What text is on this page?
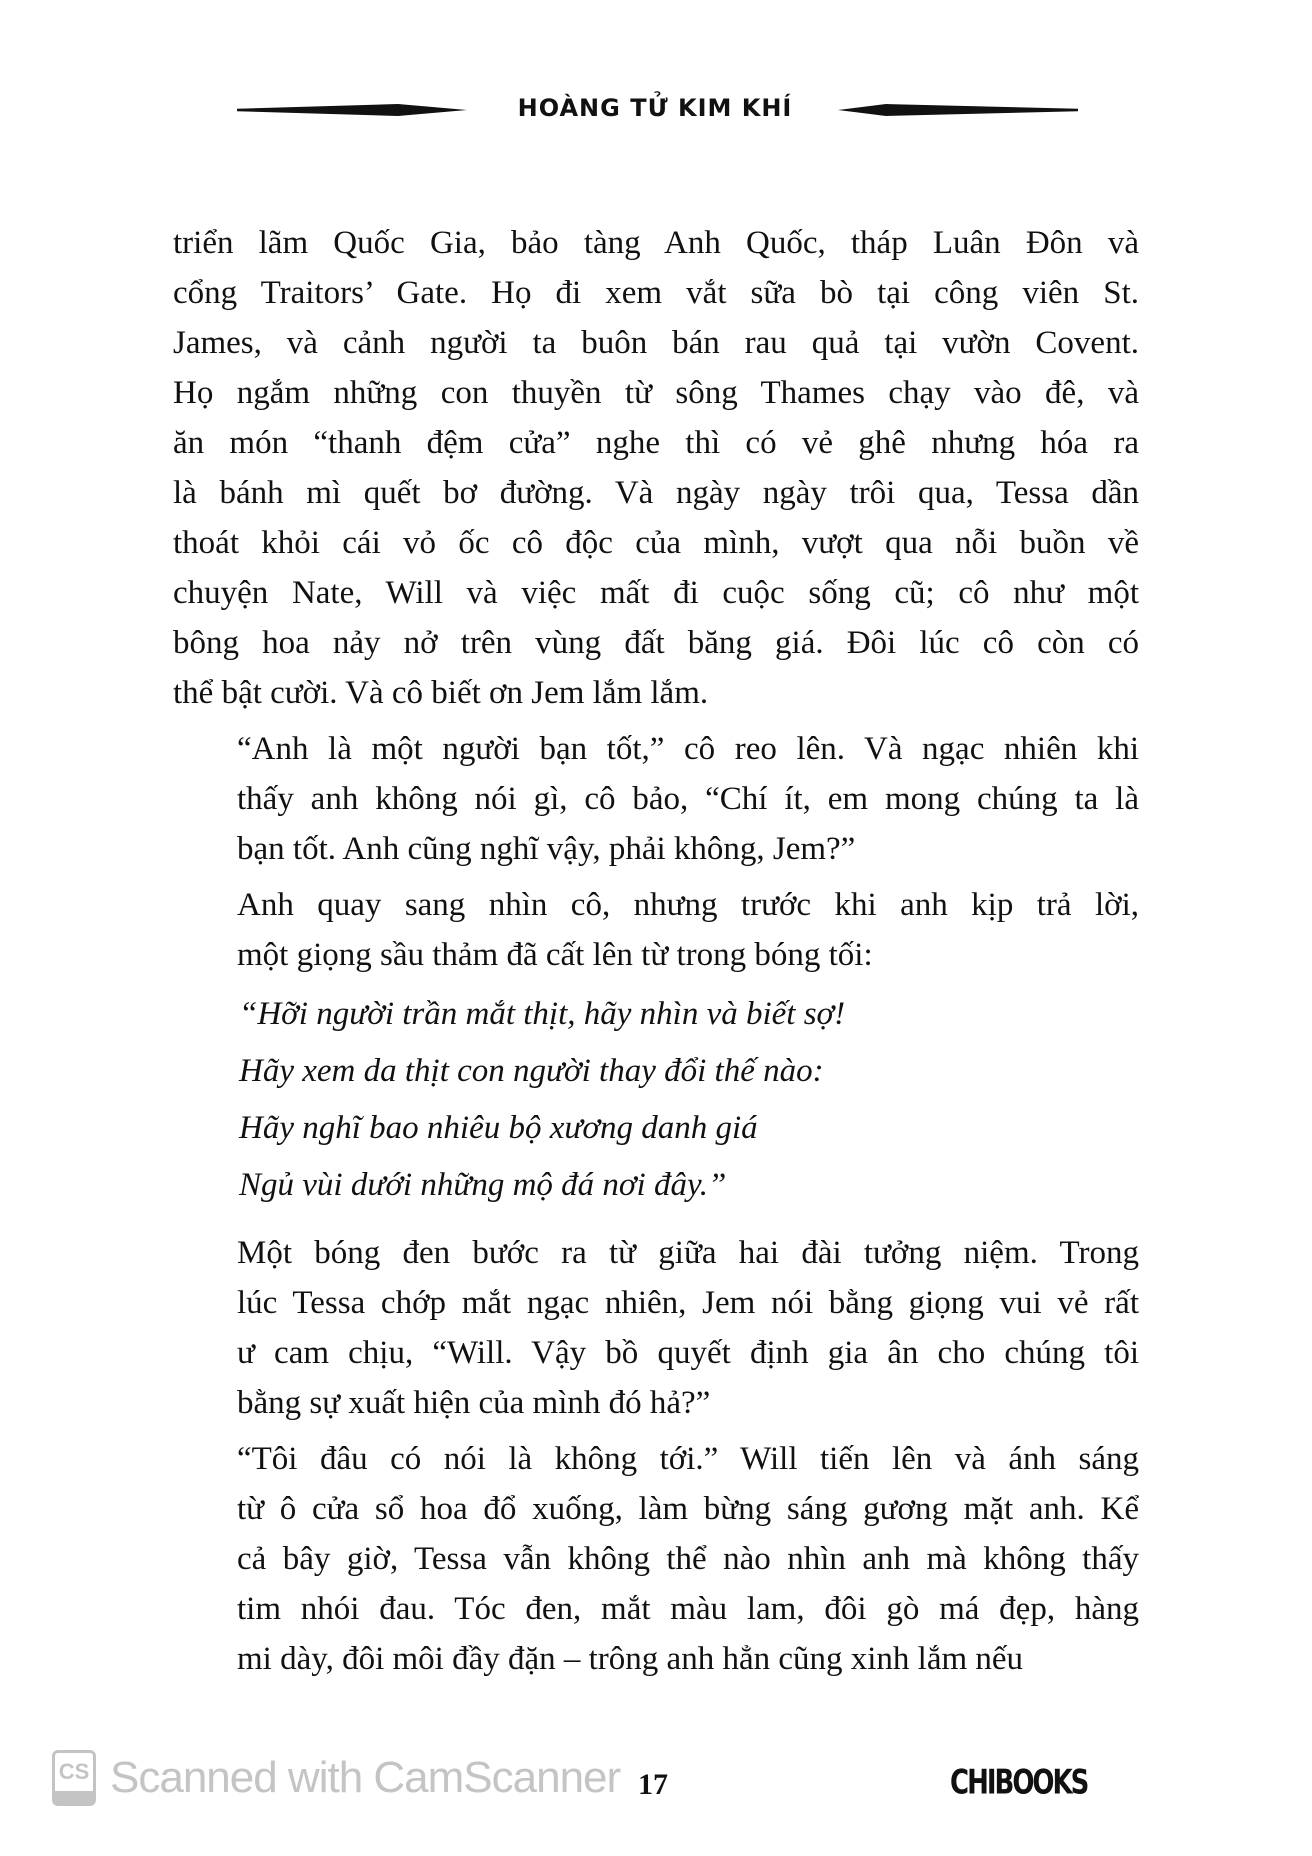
HOÀNG TỬ KIM KHÍ
triển lãm Quốc Gia, bảo tàng Anh Quốc, tháp Luân Đôn và
cổng Traitors’ Gate. Họ đi xem vắt sữa bò tại công viên St.
James, và cảnh người ta buôn bán rau quả tại vườn Covent.
Họ ngắm những con thuyền từ sông Thames chạy vào đê, và
ăn món “thanh đệm cửa” nghe thì có vẻ ghê nhưng hóa ra
là bánh mì quết bơ đường. Và ngày ngày trôi qua, Tessa dần
thoát khỏi cái vỏ ốc cô độc của mình, vượt qua nỗi buồn về
chuyện Nate, Will và việc mất đi cuộc sống cũ; cô như một
bông hoa nảy nở trên vùng đất băng giá. Đôi lúc cô còn có
thể bật cười. Và cô biết ơn Jem lắm lắm.
“Anh là một người bạn tốt,” cô reo lên. Và ngạc nhiên khi
thấy anh không nói gì, cô bảo, “Chí ít, em mong chúng ta là
bạn tốt. Anh cũng nghĩ vậy, phải không, Jem?”
Anh quay sang nhìn cô, nhưng trước khi anh kịp trả lời,
một giọng sầu thảm đã cất lên từ trong bóng tối:
“Hỡi người trần mắt thịt, hãy nhìn và biết sợ!
Hãy xem da thịt con người thay đổi thế nào:
Hãy nghĩ bao nhiêu bộ xương danh giá
Ngủ vùi dưới những mộ đá nơi đây.”
Một bóng đen bước ra từ giữa hai đài tưởng niệm. Trong
lúc Tessa chớp mắt ngạc nhiên, Jem nói bằng giọng vui vẻ rất
ư cam chịu, “Will. Vậy bồ quyết định gia ân cho chúng tôi
bằng sự xuất hiện của mình đó hả?”
“Tôi đâu có nói là không tới.” Will tiến lên và ánh sáng
từ ô cửa sổ hoa đổ xuống, làm bừng sáng gương mặt anh. Kể
cả bây giờ, Tessa vẫn không thể nào nhìn anh mà không thấy
tim nhói đau. Tóc đen, mắt màu lam, đôi gò má đẹp, hàng
mi dày, đôi môi đầy đặn – trông anh hẳn cũng xinh lắm nếu
CS Scanned with CamScanner 17	CHIBOOKS
